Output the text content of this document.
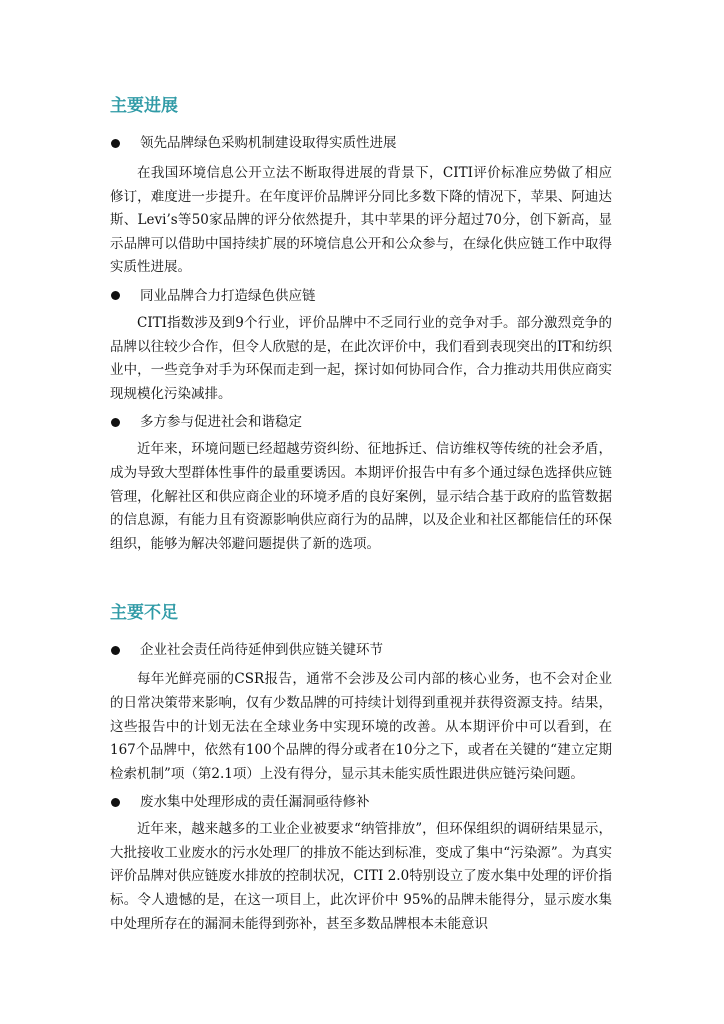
主要进展

领先品牌绿色采购机制建设取得实质性进展

在我国环境信息公开立法不断取得进展的背景下，CITI评价标准应势做了相应修订，难度进一步提升。在年度评价品牌评分同比多数下降的情况下，苹果、阿迪达斯、Levi’s等50家品牌的评分依然提升，其中苹果的评分超过70分，创下新高，显示品牌可以借助中国持续扩展的环境信息公开和公众参与，在绿化供应链工作中取得实质性进展。

同业品牌合力打造绿色供应链

CITI指数涉及到9个行业，评价品牌中不乏同行业的竞争对手。部分激烈竞争的品牌以往较少合作，但令人欣慰的是，在此次评价中，我们看到表现突出的IT和纺织业中，一些竞争对手为环保而走到一起，探讨如何协同合作，合力推动共用供应商实现规模化污染减排。

多方参与促进社会和谐稳定

近年来，环境问题已经超越劳资纠纷、征地拆迁、信访维权等传统的社会矛盾，成为导致大型群体性事件的最重要诱因。本期评价报告中有多个通过绿色选择供应链管理，化解社区和供应商企业的环境矛盾的良好案例，显示结合基于政府的监管数据的信息源，有能力且有资源影响供应商行为的品牌，以及企业和社区都能信任的环保组织，能够为解决邻避问题提供了新的选项。

主要不足

企业社会责任尚待延伸到供应链关键环节

每年光鲜亮丽的CSR报告，通常不会涉及公司内部的核心业务，也不会对企业的日常决策带来影响，仅有少数品牌的可持续计划得到重视并获得资源支持。结果，这些报告中的计划无法在全球业务中实现环境的改善。从本期评价中可以看到，在167个品牌中，依然有100个品牌的得分或者在10分之下，或者在关键的“建立定期检索机制”项（第2.1项）上没有得分，显示其未能实质性跟进供应链污染问题。

废水集中处理形成的责任漏洞亟待修补

近年来，越来越多的工业企业被要求“纳管排放”，但环保组织的调研结果显示，大批接收工业废水的污水处理厂的排放不能达到标准，变成了集中“污染源”。为真实评价品牌对供应链废水排放的控制状况，CITI 2.0特别设立了废水集中处理的评价指标。令人遗憾的是，在这一项目上，此次评价中 95%的品牌未能得分，显示废水集中处理所存在的漏洞未能得到弥补，甚至多数品牌根本未能意识
